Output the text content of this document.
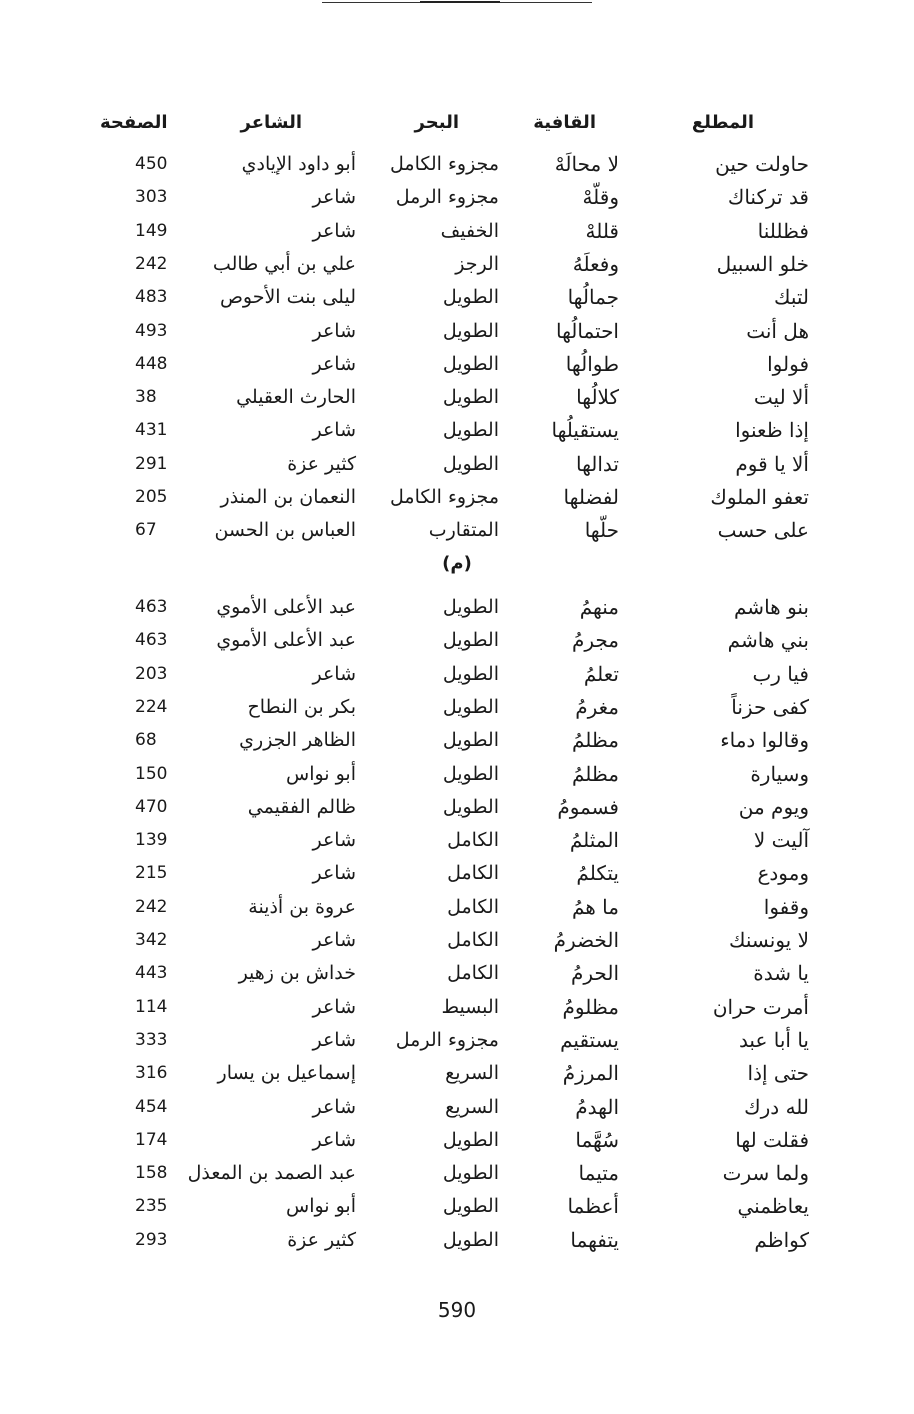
المطلع
القافية
البحر
الشاعر
الصفحة
حاولت حين
لا محالَهْ
مجزوء الكامل
أبو داود الإيادي
450
قد تركناك
وقلّهْ
مجزوء الرمل
شاعر
303
فظللنا
قللهْ
الخفيف
شاعر
149
خلو السبيل
وفعلَهُ
الرجز
علي بن أبي طالب
242
لتبك
جمالُها
الطويل
ليلى بنت الأحوص
483
هل أنت
احتمالُها
الطويل
شاعر
493
فولوا
طوالُها
الطويل
شاعر
448
ألا ليت
كلالُها
الطويل
الحارث العقيلي
38
إذا ظعنوا
يستقيلُها
الطويل
شاعر
431
ألا يا قوم
تدالها
الطويل
كثير عزة
291
تعفو الملوك
لفضلها
مجزوء الكامل
النعمان بن المنذر
205
على حسب
حلّها
المتقارب
العباس بن الحسن
67
(م)
بنو هاشم
منهمُ
الطويل
عبد الأعلى الأموي
463
بني هاشم
مجرمُ
الطويل
عبد الأعلى الأموي
463
فيا رب
تعلمُ
الطويل
شاعر
203
كفى حزناً
مغرمُ
الطويل
بكر بن النطاح
224
وقالوا دماء
مظلمُ
الطويل
الظاهر الجزري
68
وسيارة
مظلمُ
الطويل
أبو نواس
150
ويوم من
فسمومُ
الطويل
ظالم الفقيمي
470
آليت لا
المثلمُ
الكامل
شاعر
139
ومودع
يتكلمُ
الكامل
شاعر
215
وقفوا
ما همُ
الكامل
عروة بن أذينة
242
لا يونسنك
الخضرمُ
الكامل
شاعر
342
يا شدة
الحرمُ
الكامل
خداش بن زهير
443
أمرت حران
مظلومُ
البسيط
شاعر
114
يا أبا عبد
يستقيم
مجزوء الرمل
شاعر
333
حتى إذا
المرزمُ
السريع
إسماعيل بن يسار
316
لله درك
الهدمُ
السريع
شاعر
454
فقلت لها
سُهَّما
الطويل
شاعر
174
ولما سرت
متيما
الطويل
عبد الصمد بن المعذل
158
يعاظمني
أعظما
الطويل
أبو نواس
235
كواظم
يتفهما
الطويل
كثير عزة
293
590
